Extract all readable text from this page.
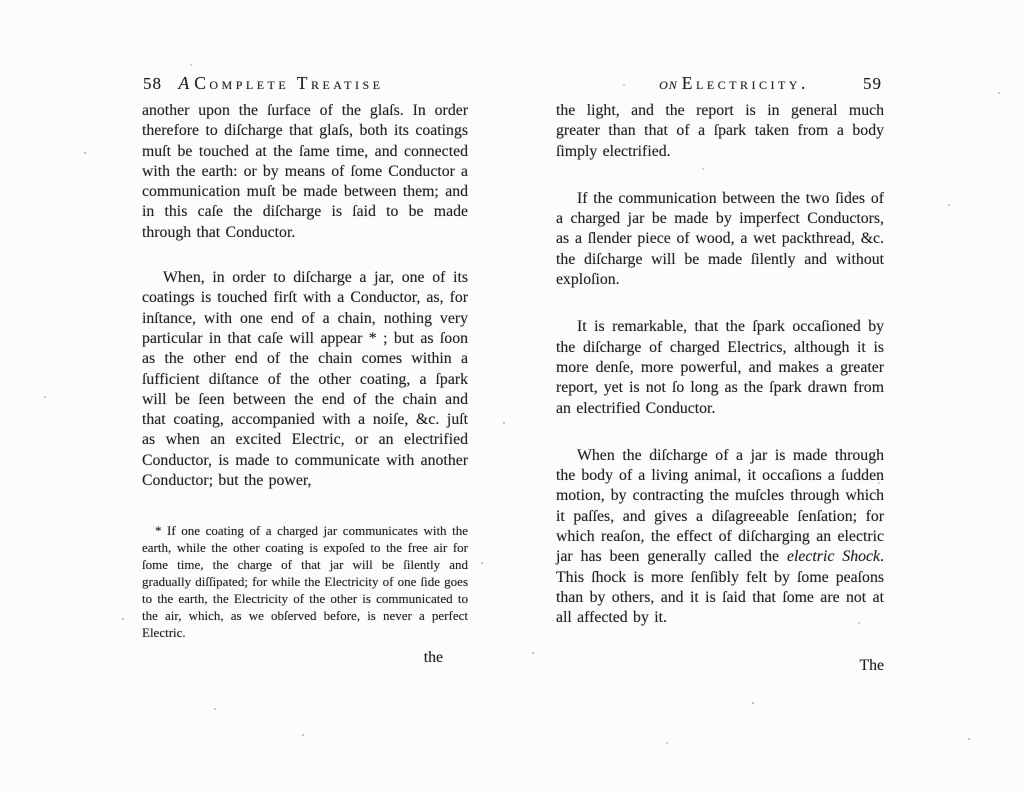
58 A Complete Treatise

another upon the ſurface of the glaſs. In order therefore to diſcharge that glaſs, both its coatings muſt be touched at the ſame time, and connected with the earth: or by means of ſome Conductor a communication muſt be made between them; and in this caſe the diſcharge is ſaid to be made through that Conductor.

When, in order to diſcharge a jar, one of its coatings is touched firſt with a Conductor, as, for inſtance, with one end of a chain, nothing very particular in that caſe will appear * ; but as ſoon as the other end of the chain comes within a ſufficient diſtance of the other coating, a ſpark will be ſeen between the end of the chain and that coating, accompanied with a noiſe, &c. juſt as when an excited Electric, or an electrified Conductor, is made to communicate with another Conductor; but the power,

* If one coating of a charged jar communicates with the earth, while the other coating is expoſed to the free air for ſome time, the charge of that jar will be ſilently and gradually diſſipated; for while the Electricity of one ſide goes to the earth, the Electricity of the other is communicated to the air, which, as we obſerved before, is never a perfect Electric.
the
on Electricity.	59

the light, and the report is in general much greater than that of a ſpark taken from a body ſimply electrified.

If the communication between the two ſides of a charged jar be made by imperfect Conductors, as a ſlender piece of wood, a wet packthread, &c. the diſcharge will be made ſilently and without exploſion.

It is remarkable, that the ſpark occaſioned by the diſcharge of charged Electrics, although it is more denſe, more powerful, and makes a greater report, yet is not ſo long as the ſpark drawn from an electrified Conductor.

When the diſcharge of a jar is made through the body of a living animal, it occaſions a ſudden motion, by contracting the muſcles through which it paſſes, and gives a diſagreeable ſenſation; for which reaſon, the effect of diſcharging an electric jar has been generally called the electric Shock. This ſhock is more ſenſibly felt by ſome peaſons than by others, and it is ſaid that ſome are not at all affected by it.

The
